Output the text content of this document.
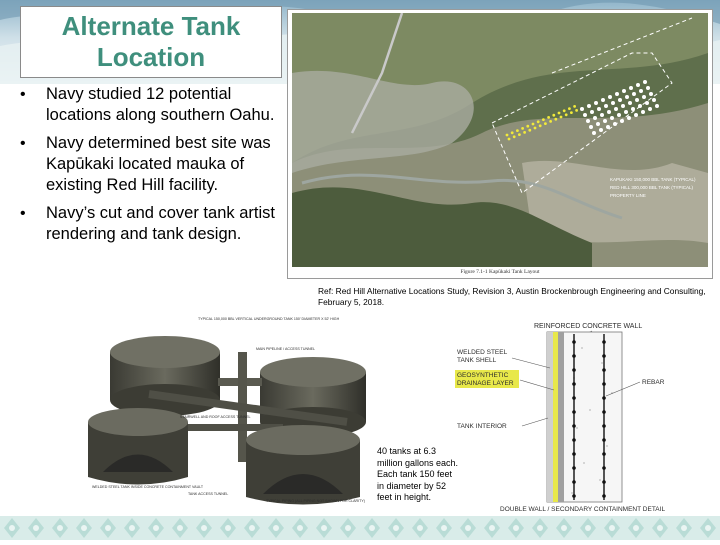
Alternate Tank Location
• Navy studied 12 potential locations along southern Oahu.
• Navy determined best site was Kapūkaki located mauka of existing Red Hill facility.
• Navy’s cut and cover tank artist rendering and tank design.
KAPUKAKI 150,000 BBL TANK (TYPICAL)
RED HILL 300,000 BBL TANK (TYPICAL)
PROPERTY LINE
Figure 7.1-1 Kapūkaki Tank Layout
Ref: Red Hill Alternative Locations Study, Revision 3, Austin Brockenbrough Engineering and Consulting, February 5, 2018.
TYPICAL 150,000 BBL VERTICAL UNDERGROUND TANK 150' DIAMETER X 52' HIGH
MAIN PIPELINE / ACCESS TUNNEL
STAIRWELL AND ROOF ACCESS TUNNEL
WELDED STEEL TANK INSIDE CONCRETE CONTAINMENT VAULT
TANK ACCESS TUNNEL
TYPICAL PIPING (ALL PIPING NOT SHOWN FOR CLARITY)
40 tanks at 6.3 million gallons each. Each tank 150 feet in diameter by 52 feet in height.
REINFORCED CONCRETE WALL
WELDED STEEL
TANK SHELL
GEOSYNTHETIC
DRAINAGE LAYER
TANK INTERIOR
REBAR
DOUBLE WALL / SECONDARY CONTAINMENT DETAIL
